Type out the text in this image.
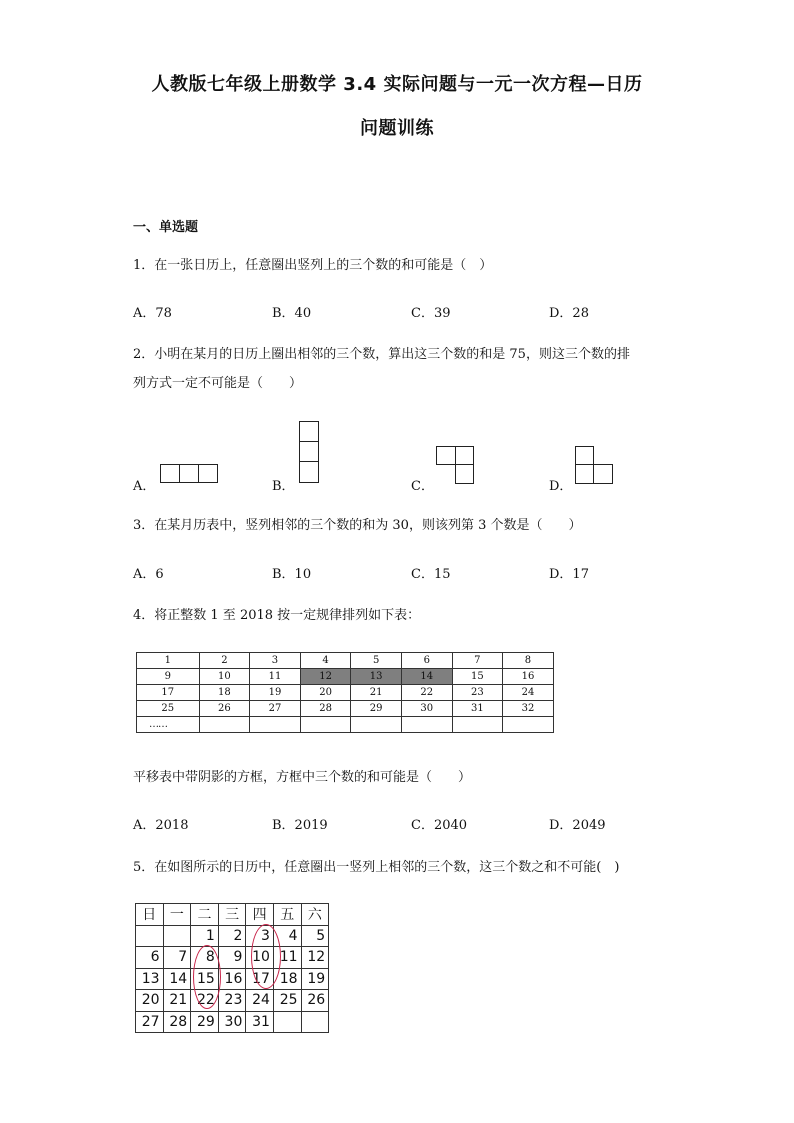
人教版七年级上册数学 3.4 实际问题与一元一次方程—日历
问题训练
一、单选题
1．在一张日历上，任意圈出竖列上的三个数的和可能是（　）
A．78	B．40	C．39	D．28
2．小明在某月的日历上圈出相邻的三个数，算出这三个数的和是 75，则这三个数的排
列方式一定不可能是（　　）
A．	B．	C．	D．
3．在某月历表中，竖列相邻的三个数的和为 30，则该列第 3 个数是（　　）
A．6	B．10	C．15	D．17
4．将正整数 1 至 2018 按一定规律排列如下表：
1	2	3	4	5	6	7	8
9	10	11	12	13	14	15	16
17	18	19	20	21	22	23	24
25	26	27	28	29	30	31	32
……							
平移表中带阴影的方框，方框中三个数的和可能是（　　）
A．2018	B．2019	C．2040	D．2049
5．在如图所示的日历中，任意圈出一竖列上相邻的三个数，这三个数之和不可能(　)
日	一	二	三	四	五	六
		1	2	3	4	5
6	7	8	9	10	11	12
13	14	15	16	17	18	19
20	21	22	23	24	25	26
27	28	29	30	31		
